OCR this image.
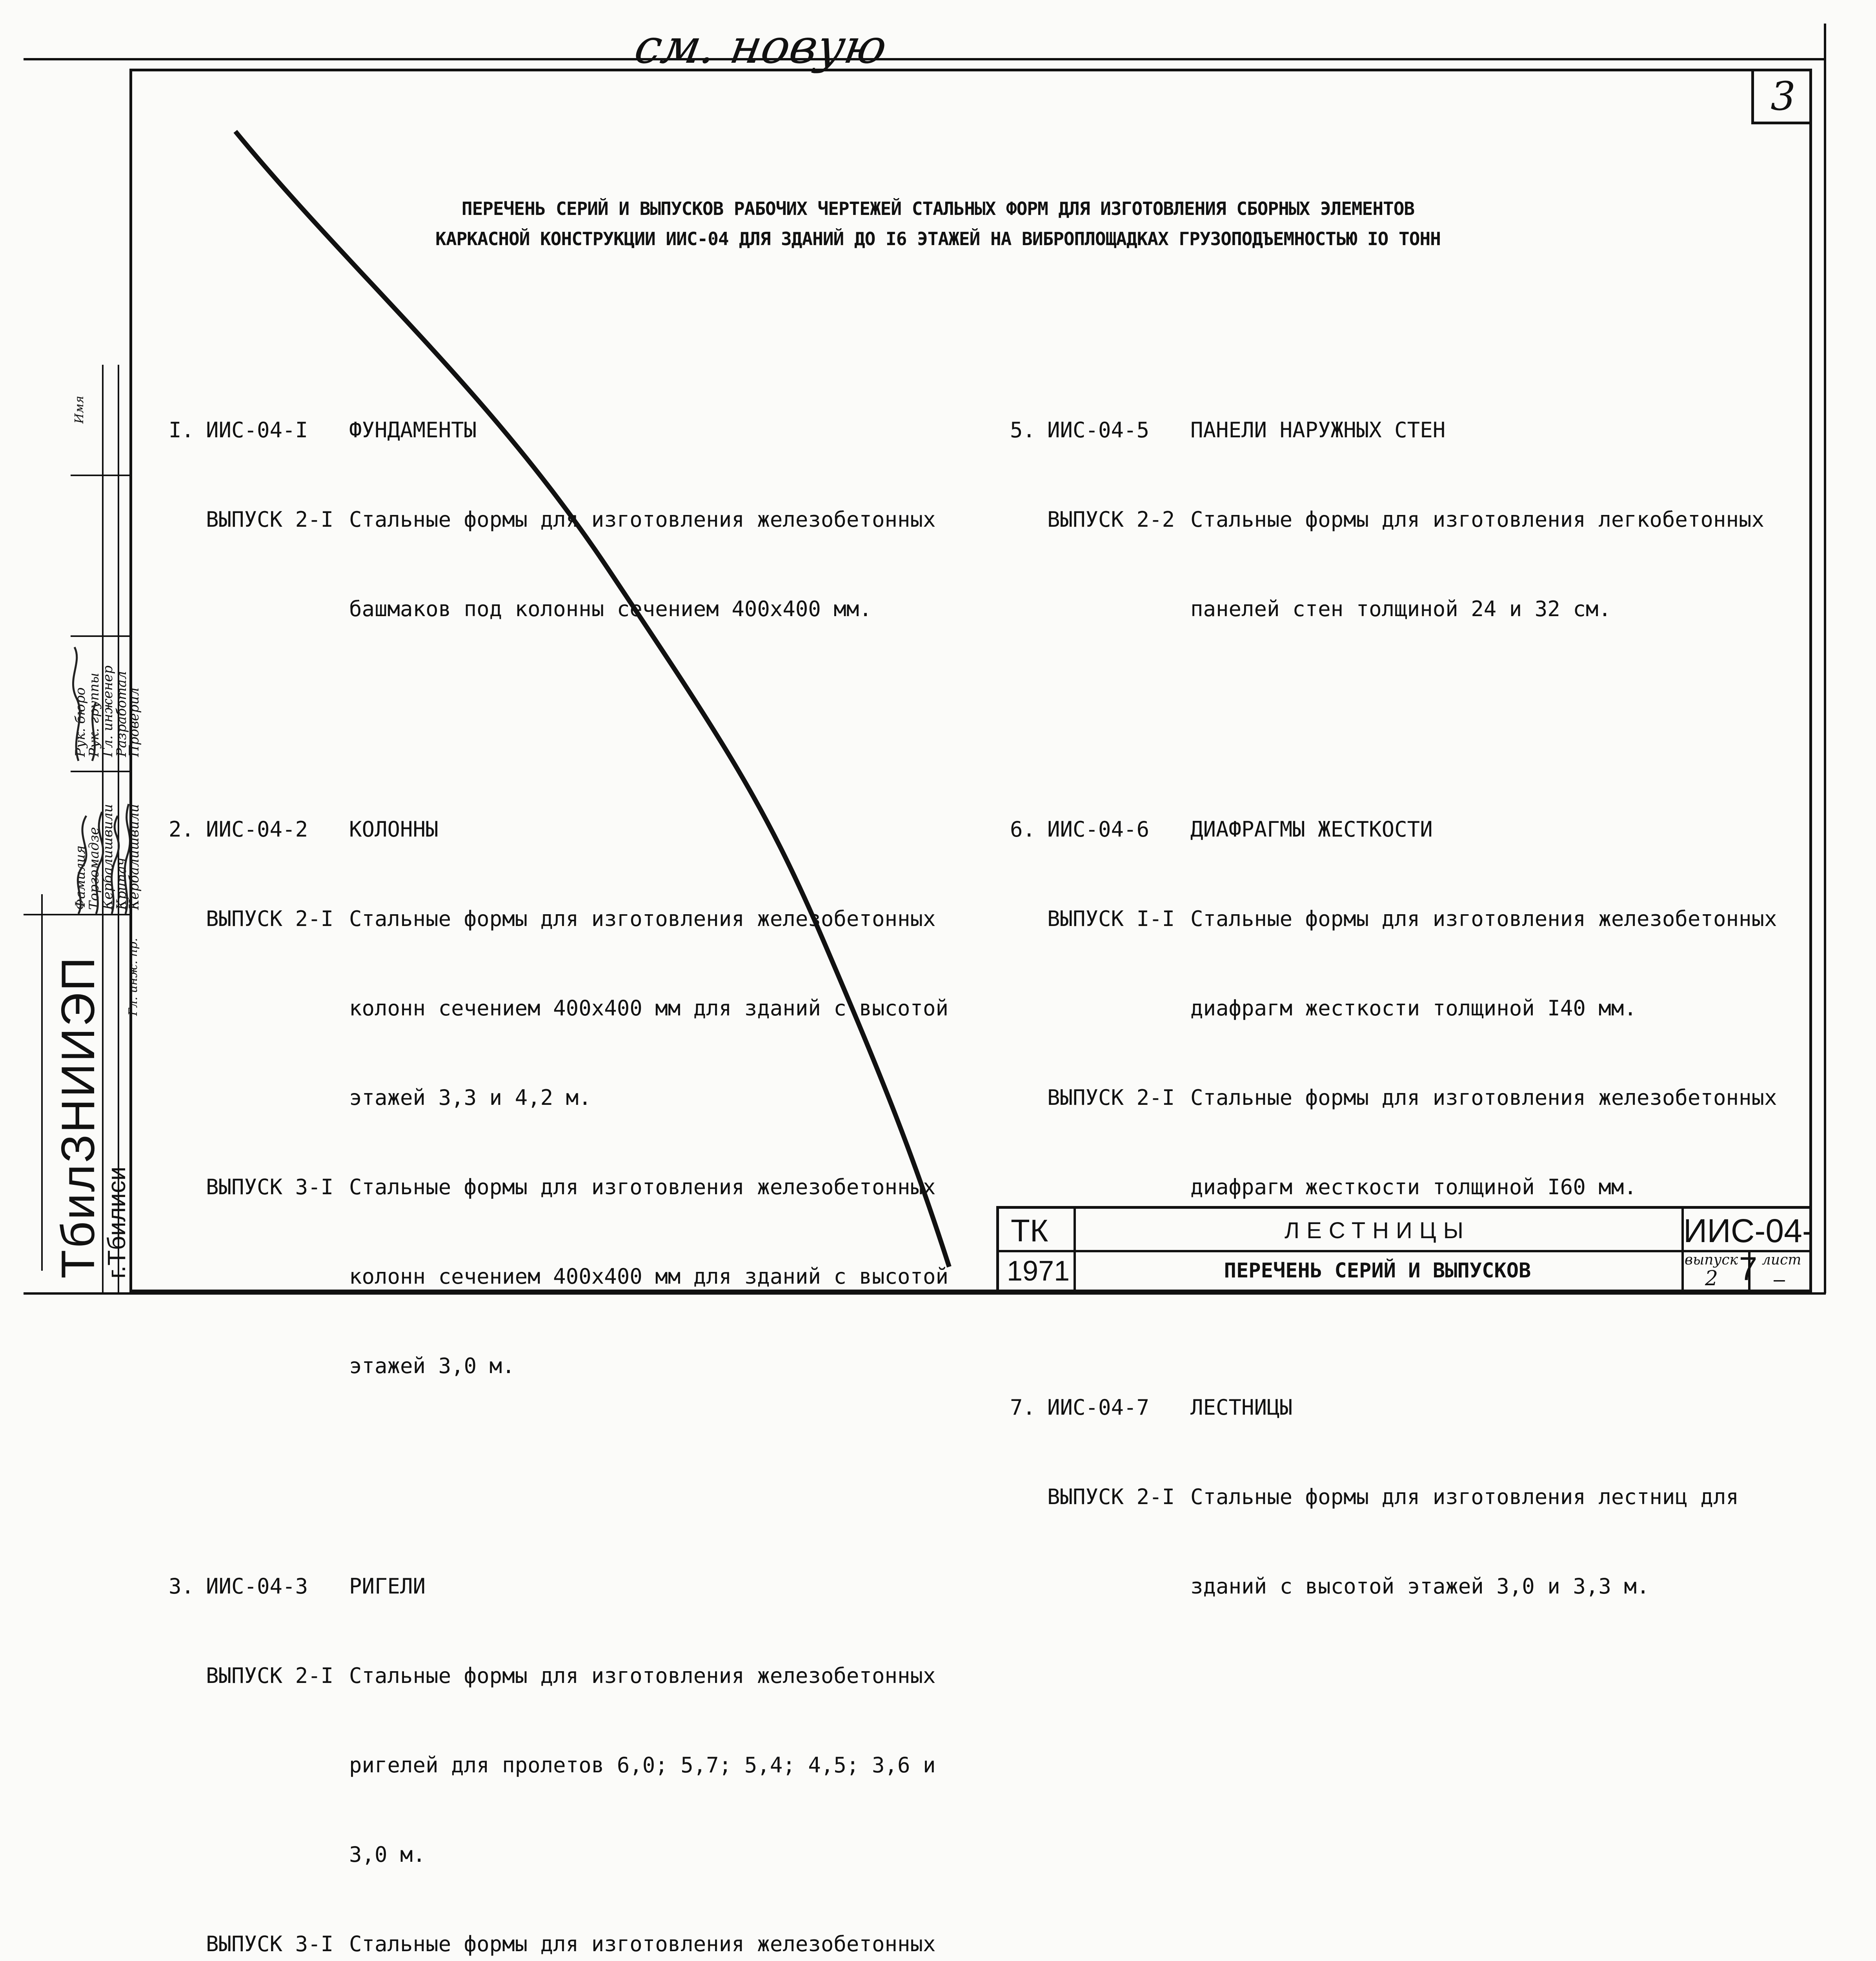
см. новую
3
ПЕРЕЧЕНЬ СЕРИЙ И ВЫПУСКОВ РАБОЧИХ ЧЕРТЕЖЕЙ СТАЛЬНЫХ ФОРМ ДЛЯ ИЗГОТОВЛЕНИЯ СБОРНЫХ ЭЛЕМЕНТОВ
КАРКАСНОЙ КОНСТРУКЦИИ ИИС-04 ДЛЯ ЗДАНИЙ ДО I6 ЭТАЖЕЙ НА ВИБРОПЛОЩАДКАХ ГРУЗОПОДЪЕМНОСТЬЮ IO ТОНН

I. ИИС-04-I ФУНДАМЕНТЫ

ВЫПУСК 2-I Стальные формы для изготовления железобетонных

башмаков под колонны сечением 400х400 мм.

2. ИИС-04-2 КОЛОННЫ

ВЫПУСК 2-I Стальные формы для изготовления железобетонных

колонн сечением 400х400 мм для зданий с высотой

этажей 3,3 и 4,2 м.

ВЫПУСК 3-I Стальные формы для изготовления железобетонных

колонн сечением 400х400 мм для зданий с высотой

этажей 3,0 м.

3. ИИС-04-3 РИГЕЛИ

ВЫПУСК 2-I Стальные формы для изготовления железобетонных

ригелей для пролетов 6,0; 5,7; 5,4; 4,5; 3,6 и

3,0 м.

ВЫПУСК 3-I Стальные формы для изготовления железобетонных

5. ИИС-04-5 ПАНЕЛИ НАРУЖНЫХ СТЕН

ВЫПУСК 2-2 Стальные формы для изготовления легкобетонных

панелей стен толщиной 24 и 32 см.

6. ИИС-04-6 ДИАФРАГМЫ ЖЕСТКОСТИ

ВЫПУСК I-I Стальные формы для изготовления железобетонных

диафрагм жесткости толщиной I40 мм.

ВЫПУСК 2-I Стальные формы для изготовления железобетонных

диафрагм жесткости толщиной I60 мм.

7. ИИС-04-7 ЛЕСТНИЦЫ

ВЫПУСК 2-I Стальные формы для изготовления лестниц для

зданий с высотой этажей 3,0 и 3,3 м.

ТбилЗНИИЭП
г.Тбилиси
Рук. бюро
Рук. группы
Гл. инженер
Разработал
Проверил
Фамилия
Торгомадзе
Кербалишвили
Крипач
Кербалишвили
Гл. инж. пр.
Имя
ТК
1971
ЛЕСТНИЦЫ
ПЕРЕЧЕНЬ СЕРИЙ И ВЫПУСКОВ
ИИС-04-7
выпуск
2
лист
–
